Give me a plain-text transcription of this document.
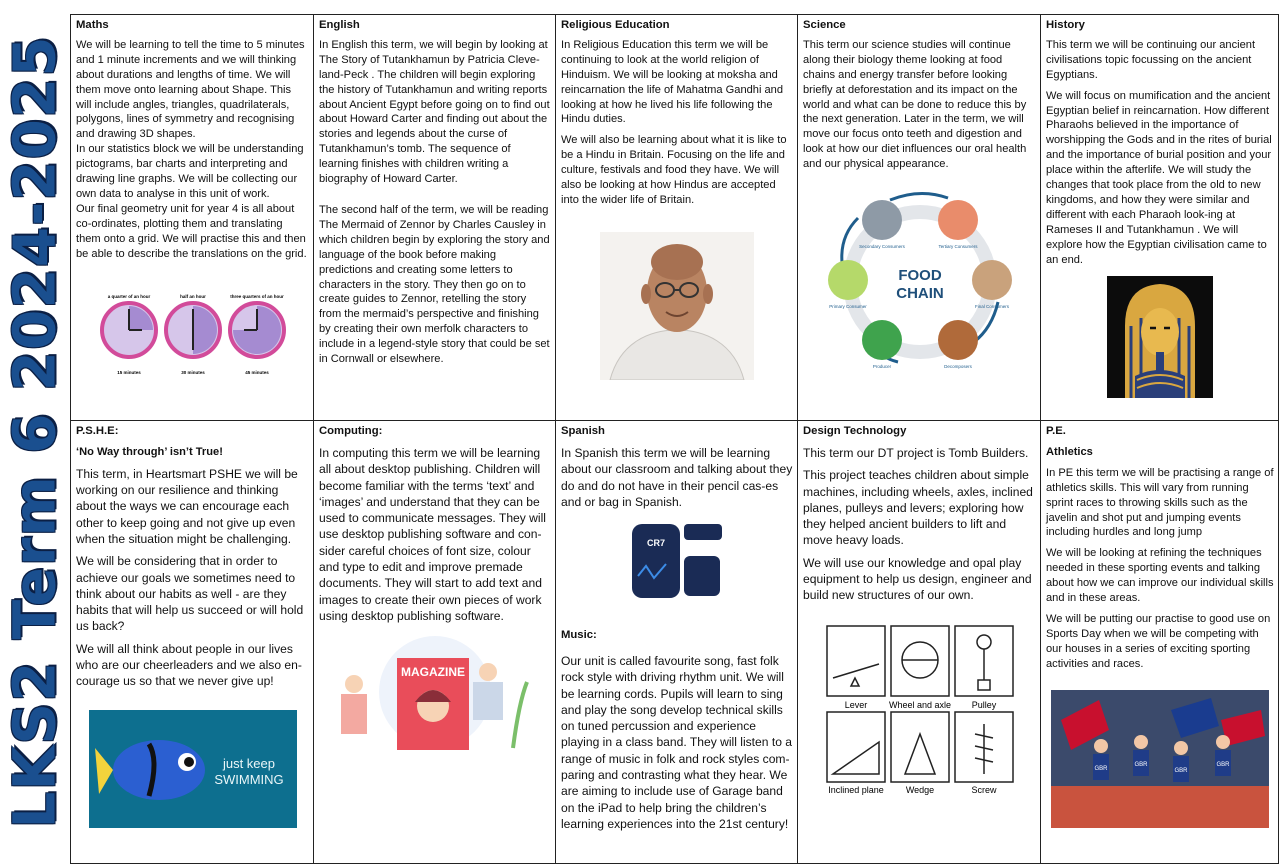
LKS2 Term 6 2024-2025
Maths
We will be learning to tell the time to 5 minutes and 1 minute increments and we will thinking about durations and lengths of time. We will them move onto learning about Shape. This will include angles, triangles, quadrilaterals, polygons, lines of symmetry and recognising and drawing 3D shapes.
In our statistics block we will be understanding pictograms, bar charts and interpreting and drawing line graphs. We will be collecting our own data to analyse in this unit of work.
Our final geometry unit for year 4 is all about co-ordinates, plotting them and translating them onto a grid. We will practise this and then be able to describe the translations on the grid.
a quarter of an hour
15 minutes
half an hour
30 minutes
three quarters of an hour
45 minutes
English

In English this term, we will begin by looking at The Story of Tutankhamun by Patricia Cleve-land-Peck . The children will begin exploring the history of Tutankhamun and writing reports about Ancient Egypt before going on to find out about Howard Carter and finding out about the stories and legends about the curse of Tutankhamun’s tomb. The sequence of learning finishes with children writing a biography of Howard Carter.

The second half of the term, we will be reading The Mermaid of Zennor by Charles Causley in which children begin by exploring the story and language of the book before making predictions and creating some letters to characters in the story. They then go on to create guides to Zennor, retelling the story from the mermaid’s perspective and finishing by creating their own merfolk characters to include in a legend-style story that could be set in Cornwall or elsewhere.

Religious Education

In Religious Education this term we will be continuing to look at the world religion of Hinduism. We will be looking at moksha and reincarnation the life of Mahatma Gandhi and looking at how he lived his life following the Hindu duties.

We will also be learning about what it is like to be a Hindu in Britain. Focusing on the life and culture, festivals and food they have. We will also be looking at how Hindus are accepted into the wider life of Britain.

Science

This term our science studies will continue along their biology theme looking at food chains and energy transfer before looking briefly at deforestation and its impact on the world and what can be done to reduce this by the next generation. Later in the term, we will move our focus onto teeth and digestion and look at how our diet influences our oral health and our physical appearance.

Secondary Consumers	Tertiary Consumers
Final Consumers
Decomposers
Producer
Primary Consumer
FOOD
CHAIN
History

This term we will be continuing our ancient civilisations topic focussing on the ancient Egyptians.

We will focus on mumification and the ancient Egyptian belief in reincarnation. How different Pharaohs believed in the importance of worshipping the Gods and in the rites of burial and the importance of burial position and your place within the afterlife. We will study the changes that took place from the old to new kingdoms, and how they were similar and different with each Pharaoh look-ing at Rameses II and Tutankhamun . We will explore how the Egyptian civilisation came to an end.

P.S.H.E:
‘No Way through’ isn’t True!

This term, in Heartsmart PSHE we will be working on our resilience and thinking about the ways we can encourage each other to keep going and not give up even when the situation might be challenging.

We will be considering that in order to achieve our goals we sometimes need to think about our habits as well - are they habits that will help us succeed or will hold us back?

We will all think about people in our lives who are our cheerleaders and we also en-courage us so that we never give up!

just keep
SWIMMING
Computing:

In computing this term we will be learning all about desktop publishing. Children will become familiar with the terms ‘text’ and ‘images’ and understand that they can be used to communicate messages. They will use desktop publishing software and con-sider careful choices of font size, colour and type to edit and improve premade documents. They will start to add text and images to create their own pieces of work using desktop publishing software.

MAGAZINE
Spanish

In Spanish this term we will be learning about our classroom and talking about they do and do not have in their pencil cas-es and or bag in Spanish.

CR7
Music:

Our unit is called favourite song, fast folk rock style with driving rhythm unit. We will be learning cords. Pupils will learn to sing and play the song develop technical skills on tuned percussion and experience playing in a class band. They will listen to a range of music in folk and rock styles com-paring and contrasting what they hear. We are aiming to include use of Garage band on the iPad to help bring the children’s learning experiences into the 21st century!

Design Technology

This term our DT project is Tomb Builders.

This project teaches children about simple machines, including wheels, axles, inclined planes, pulleys and levers; exploring how they helped ancient builders to lift and move heavy loads.

We will use our knowledge and opal play equipment to help us design, engineer and build new structures of our own.

Lever Wheel and axle Pulley
Inclined plane Wedge	Screw
P.E.
Athletics

In PE this term we will be practising a range of athletics skills. This will vary from running sprint races to throwing skills such as the javelin and shot put and jumping events including hurdles and long jump

We will be looking at refining the techniques needed in these sporting events and talking about how we can improve our individual skills and in these areas.

We will be putting our practise to good use on Sports Day when we will be competing with our houses in a series of exciting sporting activities and races.

GBR
GBR
GBR
GBR
